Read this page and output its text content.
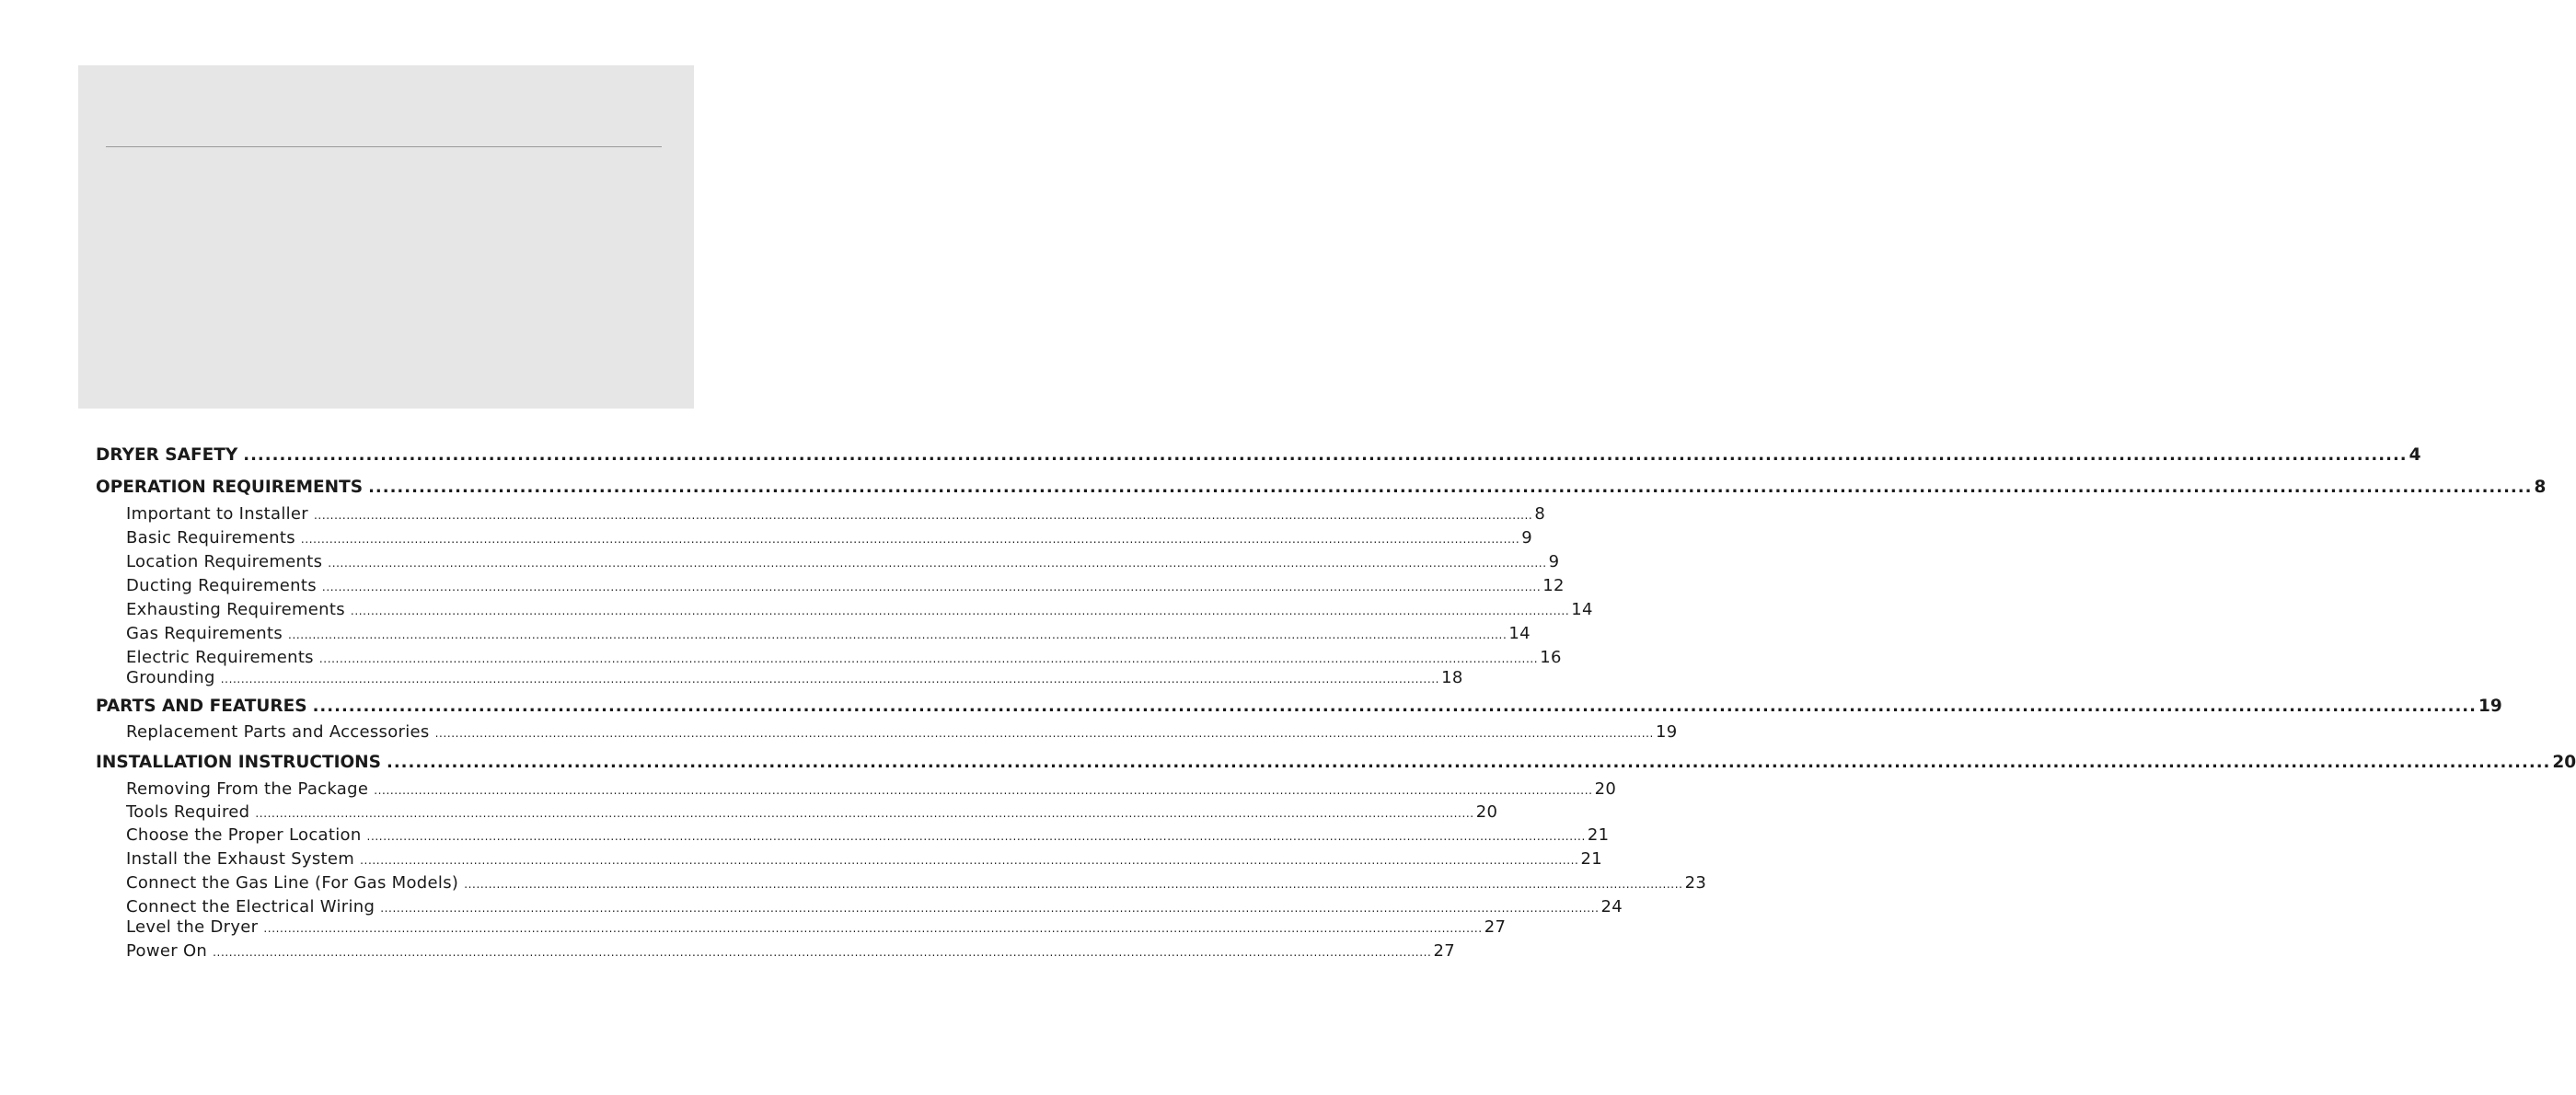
DRYER SAFETY ............................................................................................................................................................................................................................................................................................................ 4
OPERATION REQUIREMENTS ............................................................................................................................................................................................................................................................................................................ 8
Important to Installer ............................................................................................................................................................................................................................................................................................................ 8
Basic Requirements ............................................................................................................................................................................................................................................................................................................ 9
Location Requirements ............................................................................................................................................................................................................................................................................................................ 9
Ducting Requirements ............................................................................................................................................................................................................................................................................................................ 12
Exhausting Requirements ............................................................................................................................................................................................................................................................................................................ 14
Gas Requirements ............................................................................................................................................................................................................................................................................................................ 14
Electric Requirements ............................................................................................................................................................................................................................................................................................................ 16
Grounding ............................................................................................................................................................................................................................................................................................................ 18
PARTS AND FEATURES ............................................................................................................................................................................................................................................................................................................ 19
Replacement Parts and Accessories ............................................................................................................................................................................................................................................................................................................ 19
INSTALLATION INSTRUCTIONS ............................................................................................................................................................................................................................................................................................................ 20
Removing From the Package ............................................................................................................................................................................................................................................................................................................ 20
Tools Required ............................................................................................................................................................................................................................................................................................................ 20
Choose the Proper Location ............................................................................................................................................................................................................................................................................................................ 21
Install the Exhaust System ............................................................................................................................................................................................................................................................................................................ 21
Connect the Gas Line (For Gas Models) ............................................................................................................................................................................................................................................................................................................ 23
Connect the Electrical Wiring ............................................................................................................................................................................................................................................................................................................ 24
Level the Dryer ............................................................................................................................................................................................................................................................................................................ 27
Power On ............................................................................................................................................................................................................................................................................................................ 27
